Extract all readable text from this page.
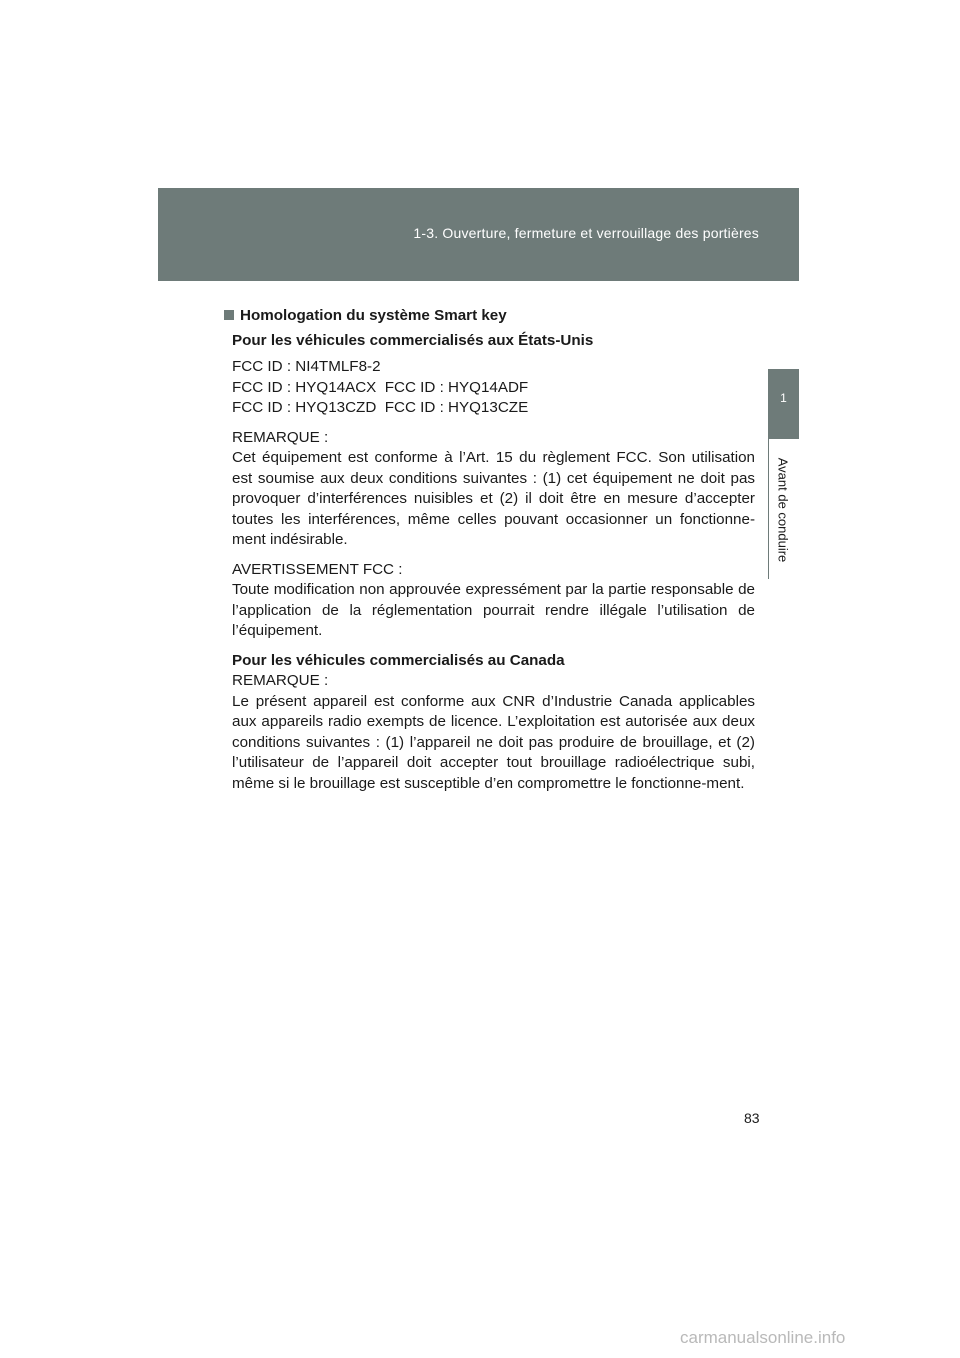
1-3. Ouverture, fermeture et verrouillage des portières
1
Avant de conduire
Homologation du système Smart key
Pour les véhicules commercialisés aux États-Unis
FCC ID : NI4TMLF8-2
FCC ID : HYQ14ACX  FCC ID : HYQ14ADF
FCC ID : HYQ13CZD  FCC ID : HYQ13CZE
REMARQUE :
Cet équipement est conforme à l’Art. 15 du règlement FCC. Son utilisation est soumise aux deux conditions suivantes : (1) cet équipement ne doit pas provoquer d’interférences nuisibles et (2) il doit être en mesure d’accepter toutes les interférences, même celles pouvant occasionner un fonctionne-ment indésirable.
AVERTISSEMENT FCC :
Toute modification non approuvée expressément par la partie responsable de l’application de la réglementation pourrait rendre illégale l’utilisation de l’équipement.
Pour les véhicules commercialisés au Canada
REMARQUE :
Le présent appareil est conforme aux CNR d’Industrie Canada applicables aux appareils radio exempts de licence. L’exploitation est autorisée aux deux conditions suivantes : (1) l’appareil ne doit pas produire de brouillage, et (2) l’utilisateur de l’appareil doit accepter tout brouillage radioélectrique subi, même si le brouillage est susceptible d’en compromettre le fonctionne-ment.
83
carmanualsonline.info
